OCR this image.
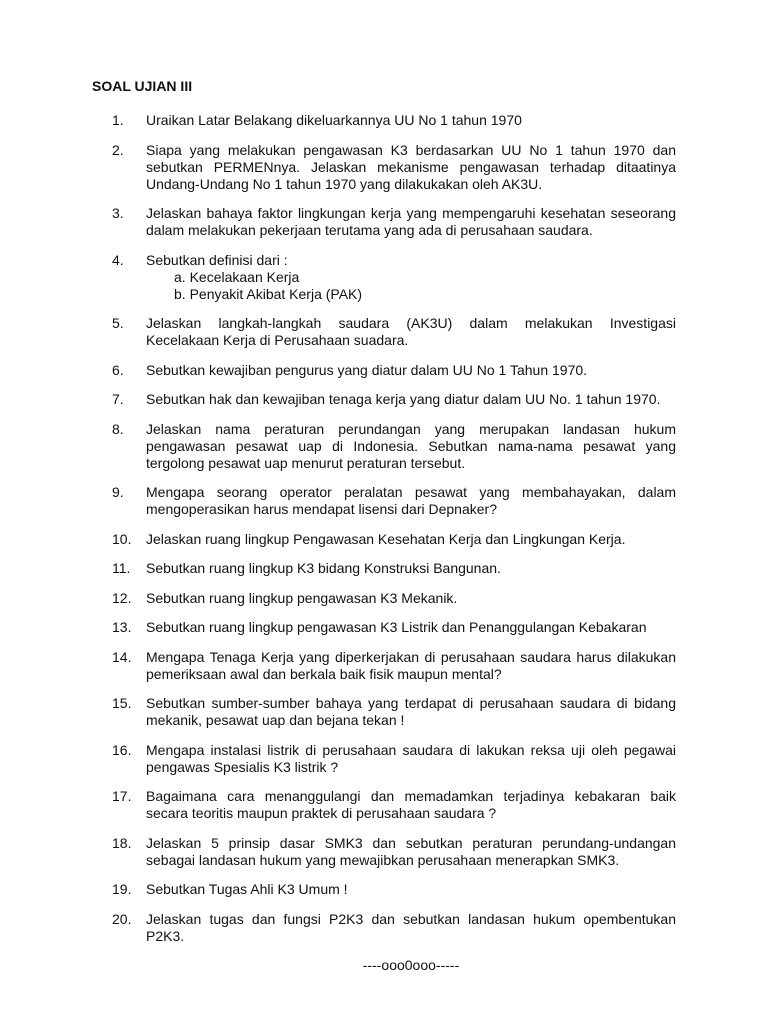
SOAL UJIAN III
1.	Uraikan Latar Belakang dikeluarkannya UU No 1 tahun 1970
2.	Siapa yang melakukan pengawasan K3 berdasarkan UU No 1 tahun 1970 dan
sebutkan PERMENnya. Jelaskan mekanisme pengawasan terhadap ditaatinya
Undang-Undang No 1 tahun 1970 yang dilakukakan oleh AK3U.
3.	Jelaskan bahaya faktor lingkungan kerja yang mempengaruhi kesehatan seseorang
dalam melakukan pekerjaan terutama yang ada di perusahaan saudara.
4.	Sebutkan definisi dari :
a. Kecelakaan Kerja
b. Penyakit Akibat Kerja (PAK)
5.	Jelaskan langkah-langkah saudara (AK3U) dalam melakukan Investigasi
Kecelakaan Kerja di Perusahaan suadara.
6.	Sebutkan kewajiban pengurus yang diatur dalam UU No 1 Tahun 1970.
7.	Sebutkan hak dan kewajiban tenaga kerja yang diatur dalam UU No. 1 tahun 1970.
8.	Jelaskan nama peraturan perundangan yang merupakan landasan hukum
pengawasan pesawat uap di Indonesia. Sebutkan nama-nama pesawat yang
tergolong pesawat uap menurut peraturan tersebut.
9.	Mengapa seorang operator peralatan pesawat yang membahayakan, dalam
mengoperasikan harus mendapat lisensi dari Depnaker?
10.	Jelaskan ruang lingkup Pengawasan Kesehatan Kerja dan Lingkungan Kerja.
11.	Sebutkan ruang lingkup K3 bidang Konstruksi Bangunan.
12.	Sebutkan ruang lingkup pengawasan K3 Mekanik.
13.	Sebutkan ruang lingkup pengawasan K3 Listrik dan Penanggulangan Kebakaran
14.	Mengapa Tenaga Kerja yang diperkerjakan di perusahaan saudara harus dilakukan
pemeriksaan awal dan berkala baik fisik maupun mental?
15.	Sebutkan sumber-sumber bahaya yang terdapat di perusahaan saudara di bidang
mekanik, pesawat uap dan bejana tekan !
16.	Mengapa instalasi listrik di perusahaan saudara di lakukan reksa uji oleh pegawai
pengawas Spesialis K3 listrik ?
17.	Bagaimana cara menanggulangi dan memadamkan terjadinya kebakaran baik
secara teoritis maupun praktek di perusahaan saudara ?
18.	Jelaskan 5 prinsip dasar SMK3 dan sebutkan peraturan perundang-undangan
sebagai landasan hukum yang mewajibkan perusahaan menerapkan SMK3.
19.	Sebutkan Tugas Ahli K3 Umum !
20.	Jelaskan tugas dan fungsi P2K3 dan sebutkan landasan hukum opembentukan
P2K3.
----ooo0ooo-----
